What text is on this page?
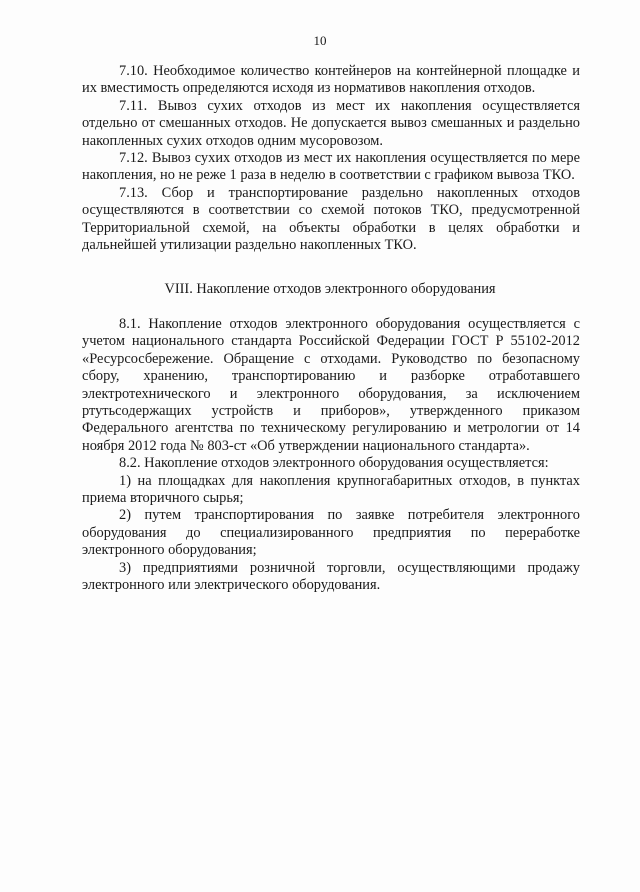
10

7.10. Необходимое количество контейнеров на контейнерной площадке и их вместимость определяются исходя из нормативов накопления отходов.

7.11. Вывоз сухих отходов из мест их накопления осуществляется отдельно от смешанных отходов. Не допускается вывоз смешанных и раздельно накопленных сухих отходов одним мусоровозом.

7.12. Вывоз сухих отходов из мест их накопления осуществляется по мере накопления, но не реже 1 раза в неделю в соответствии с графиком вывоза ТКО.

7.13. Сбор и транспортирование раздельно накопленных отходов осуществляются в соответствии со схемой потоков ТКО, предусмотренной Территориальной схемой, на объекты обработки в целях обработки и дальнейшей утилизации раздельно накопленных ТКО.

VIII. Накопление отходов электронного оборудования

8.1. Накопление отходов электронного оборудования осуществляется с учетом национального стандарта Российской Федерации ГОСТ Р 55102-2012 «Ресурсосбережение. Обращение с отходами. Руководство по безопасному сбору, хранению, транспортированию и разборке отработавшего электротехнического и электронного оборудования, за исключением ртутьсодержащих устройств и приборов», утвержденного приказом Федерального агентства по техническому регулированию и метрологии от 14 ноября 2012 года № 803-ст «Об утверждении национального стандарта».

8.2. Накопление отходов электронного оборудования осуществляется:

1) на площадках для накопления крупногабаритных отходов, в пунктах приема вторичного сырья;

2) путем транспортирования по заявке потребителя электронного оборудования до специализированного предприятия по переработке электронного оборудования;

3) предприятиями розничной торговли, осуществляющими продажу электронного или электрического оборудования.
